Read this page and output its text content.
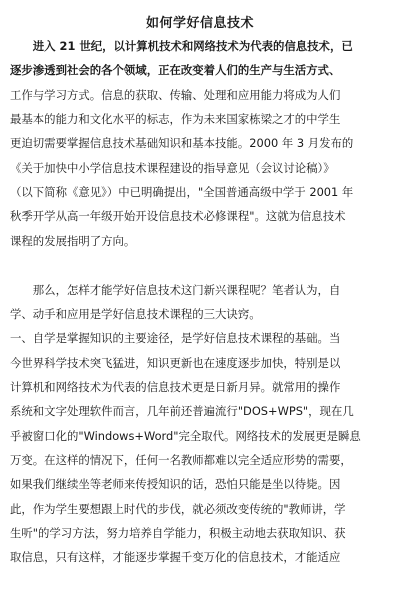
如何学好信息技术

　　进入 21 世纪，以计算机技术和网络技术为代表的信息技术，已

逐步渗透到社会的各个领域，正在改变着人们的生产与生活方式、

工作与学习方式。信息的获取、传输、处理和应用能力将成为人们

最基本的能力和文化水平的标志，作为未来国家栋梁之才的中学生

更迫切需要掌握信息技术基础知识和基本技能。2000 年 3 月发布的

《关于加快中小学信息技术课程建设的指导意见（会议讨论稿）》

（以下简称《意见》）中已明确提出，"全国普通高级中学于 2001 年

秋季开学从高一年级开始开设信息技术必修课程"。这就为信息技术

课程的发展指明了方向。

　　那么，怎样才能学好信息技术这门新兴课程呢？笔者认为，自

学、动手和应用是学好信息技术课程的三大诀窍。

一、自学是掌握知识的主要途径，是学好信息技术课程的基础。当

今世界科学技术突飞猛进，知识更新也在速度逐步加快，特别是以

计算机和网络技术为代表的信息技术更是日新月异。就常用的操作

系统和文字处理软件而言，几年前还普遍流行"DOS+WPS"，现在几

乎被窗口化的"Windows+Word"完全取代。网络技术的发展更是瞬息

万变。在这样的情况下，任何一名教师都难以完全适应形势的需要，

如果我们继续坐等老师来传授知识的话，恐怕只能是坐以待毙。因

此，作为学生要想跟上时代的步伐，就必须改变传统的"教师讲，学

生听"的学习方法，努力培养自学能力，积极主动地去获取知识、获

取信息，只有这样，才能逐步掌握千变万化的信息技术，才能适应
